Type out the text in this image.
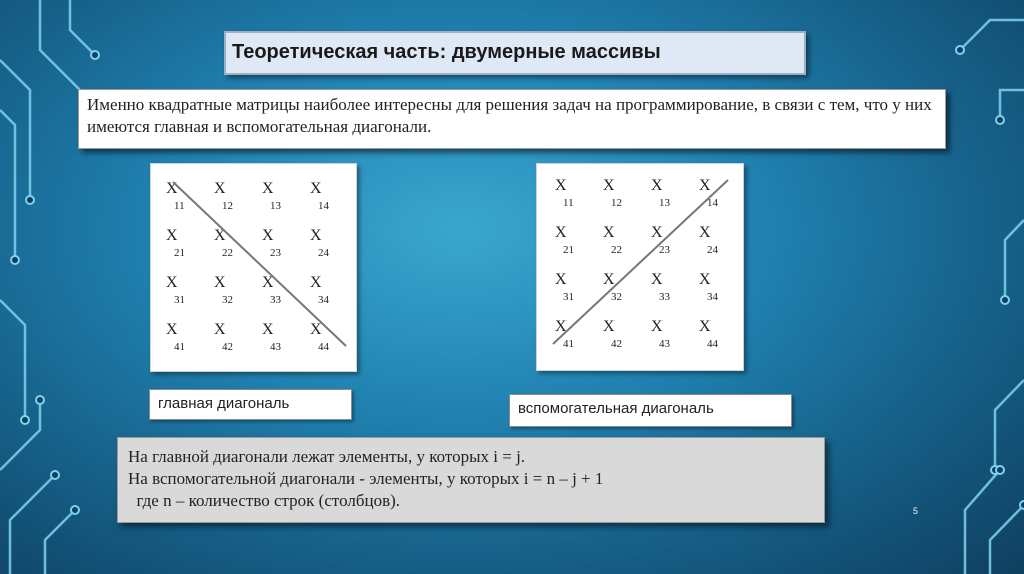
Теоретическая часть: двумерные массивы

Именно квадратные матрицы наиболее интересны для решения задач на программирование, в связи с тем, что у них имеются главная и вспомогательная диагонали.
X
11
X
12
X
13
X
14
X
21
X
22
X
23
X
24
X
31
X
32
X
33
X
34
X
41
X
42
X
43
X
44
X
11
X
12
X
13
X
14
X
21
X
22
X
23
X
24
X
31
X
32
X
33
X
34
X
41
X
42
X
43
X
44
главная диагональ	вспомогательная диагональ
На главной диагонали лежат элементы, у которых i = j.
На вспомогательной диагонали - элементы, у которых i = n – j + 1
где n – количество строк (столбцов).
5
